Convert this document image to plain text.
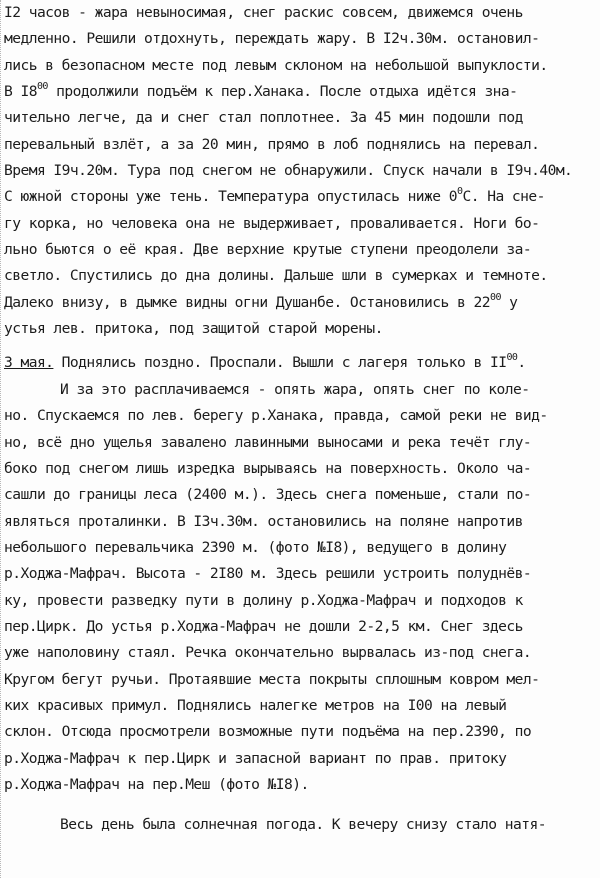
I2 часов - жара невыносимая, снег раскис совсем, движемся очень
медленно. Решили отдохнуть, переждать жару. В I2ч.30м. остановил-
лись в безопасном месте под левым склоном на небольшой выпуклости.
В $I8^{00}$ продолжили подъём к пер.Ханака. После отдыха идётся зна-
чительно легче, да и снег стал поплотнее. За 45 мин подошли под
перевальный взлёт, а за 20 мин, прямо в лоб поднялись на перевал.
Время I9ч.20м. Тура под снегом не обнаружили. Спуск начали в I9ч.40м.
С южной стороны уже тень. Температура опустилась ниже $0^0С$. На сне-
гу корка, но человека она не выдерживает, проваливается. Ноги бо-
льно бьются о её края. Две верхние крутые ступени преодолели за-
светло. Спустились до дна долины. Дальше шли в сумерках и темноте.
Далеко внизу, в дымке видны огни Душанбе. Остановились в $22^{00}$ у
устья лев. притока, под защитой старой морены.
3 мая. Поднялись поздно. Проспали. Вышли с лагеря только в II$^{00}$.
И за это расплачиваемся - опять жара, опять снег по коле-
но. Спускаемся по лев. берегу р.Ханака, правда, самой реки не вид-
но, всё дно ущелья завалено лавинными выносами и река течёт глу-
боко под снегом лишь изредка вырываясь на поверхность. Около ча-
сашли до границы леса (2400 м.). Здесь снега поменьше, стали по-
являться проталинки. В I3ч.30м. остановились на поляне напротив
небольшого перевальчика 2390 м. (фото №I8), ведущего в долину
р.Ходжа-Мафрач. Высота - 2I80 м. Здесь решили устроить полуднёв-
ку, провести разведку пути в долину р.Ходжа-Мафрач и подходов к
пер.Цирк. До устья р.Ходжа-Мафрач не дошли 2-2,5 км. Снег здесь
уже наполовину стаял. Речка окончательно вырвалась из-под снега.
Кругом бегут ручьи. Протаявшие места покрыты сплошным ковром мел-
ких красивых примул. Поднялись налегке метров на I00 на левый
склон. Отсюда просмотрели возможные пути подъёма на пер.2390, по
р.Ходжа-Мафрач к пер.Цирк и запасной вариант по прав. притоку
р.Ходжа-Мафрач на пер.Меш (фото №I8).
Весь день была солнечная погода. К вечеру снизу стало натя-
